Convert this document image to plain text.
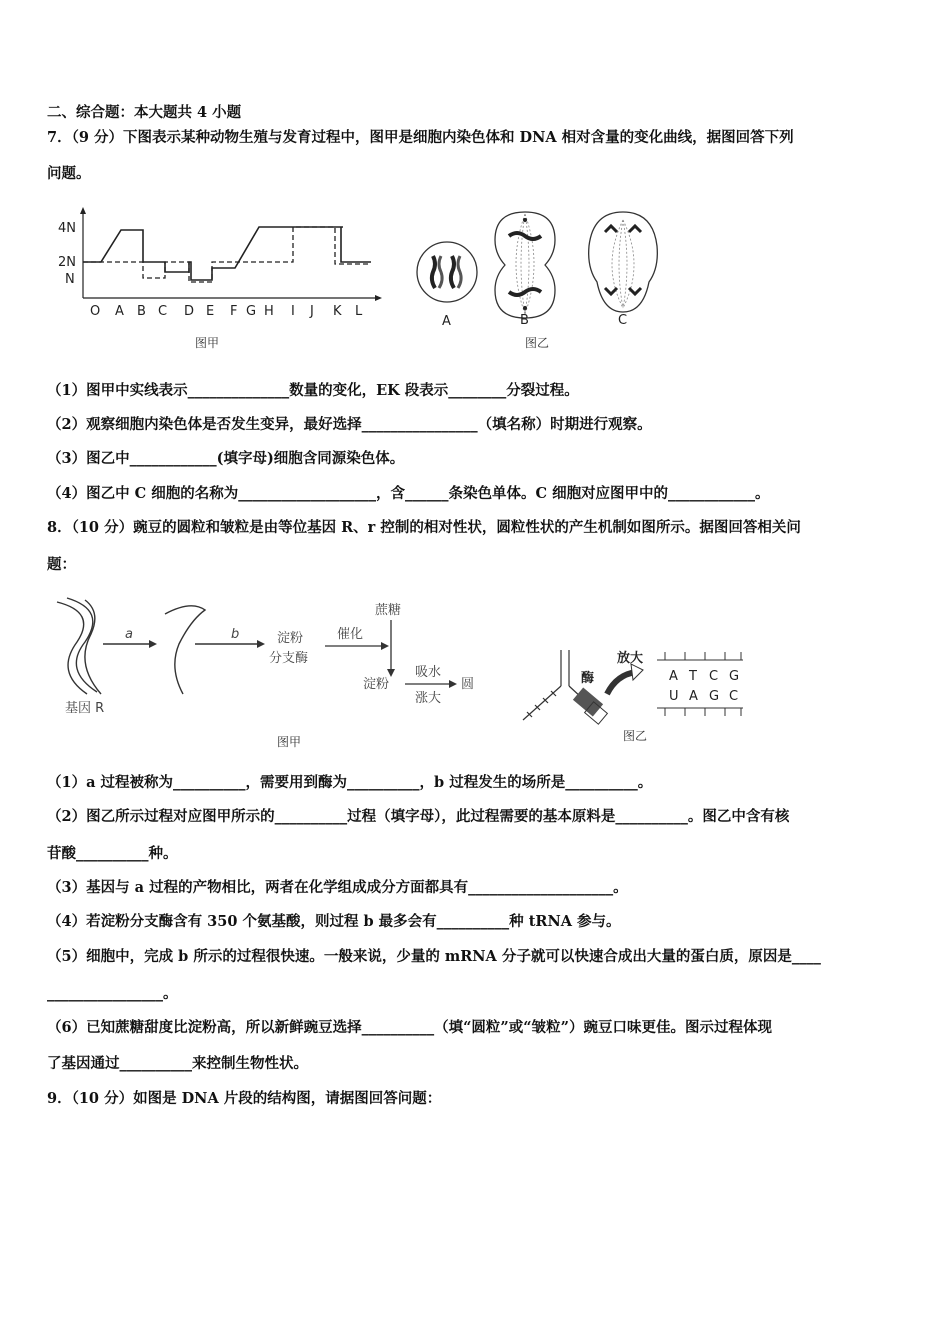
二、综合题：本大题共 4 小题
7．（9 分）下图表示某种动物生殖与发育过程中，图甲是细胞内染色体和 DNA 相对含量的变化曲线，据图回答下列
问题。
4N
2N
N
O A B C D E F G H I J K L
图甲
A	B	C
图乙
（1）图甲中实线表示______________数量的变化，EK 段表示________分裂过程。
（2）观察细胞内染色体是否发生变异，最好选择________________（填名称）时期进行观察。
（3）图乙中____________(填字母)细胞含同源染色体。
（4）图乙中 C 细胞的名称为___________________，含______条染色单体。C 细胞对应图甲中的____________。
8．（10 分）豌豆的圆粒和皱粒是由等位基因 R、r 控制的相对性状，圆粒性状的产生机制如图所示。据图回答相关问
题：
基因 R
a	b	淀粉
分支酶
催化
蔗糖
淀粉
吸水
涨大
圆
图甲
酶
放大
A T C G
U A G C
图乙
（1）a 过程被称为__________，需要用到酶为__________，b 过程发生的场所是__________。
（2）图乙所示过程对应图甲所示的__________过程（填字母），此过程需要的基本原料是__________。图乙中含有核
苷酸__________种。
（3）基因与 a 过程的产物相比，两者在化学组成成分方面都具有____________________。
（4）若淀粉分支酶含有 350 个氨基酸，则过程 b 最多会有__________种 tRNA 参与。
（5）细胞中，完成 b 所示的过程很快速。一般来说，少量的 mRNA 分子就可以快速合成出大量的蛋白质，原因是____
________________。
（6）已知蔗糖甜度比淀粉高，所以新鲜豌豆选择__________（填“圆粒”或“皱粒”）豌豆口味更佳。图示过程体现
了基因通过__________来控制生物性状。
9．（10 分）如图是 DNA 片段的结构图，请据图回答问题：
